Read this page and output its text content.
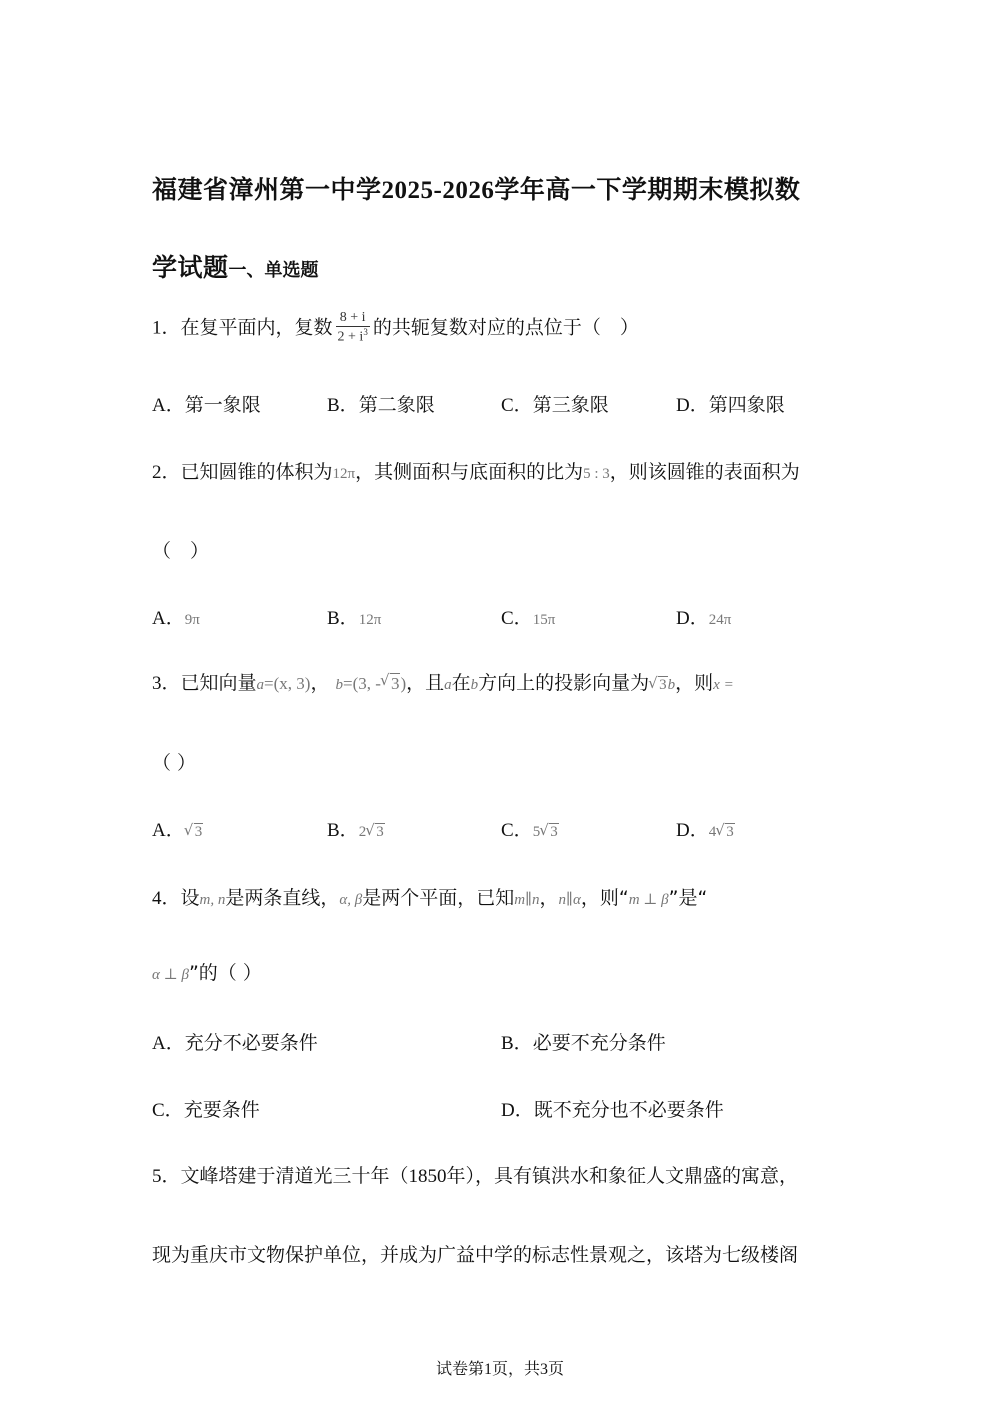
福建省漳州第一中学2025-2026学年高一下学期期末模拟数
学试题一、单选题
1．在复平面内，复数 $\frac{8 + i}{2 + i^3}$ 的共轭复数对应的点位于（　）
A．第一象限	B．第二象限	C．第三象限	D．第四象限
2．已知圆锥的体积为12π，其侧面积与底面积的比为5 : 3，则该圆锥的表面积为
（　）
A．9π	B．12π	C．15π	D．24π
3．已知向量a=(x, 3)， b=(3, - √ 3)，且a在b方向上的投影向量为 √ 3b，则x =
（ ）
A． √ 3	B．2 √ 3	C．5 √ 3	D．4 √ 3
4．设m, n是两条直线，α, β是两个平面，已知m∥n，n∥α，则“m ⊥ β”是“
α ⊥ β”的（ ）
A．充分不必要条件	B．必要不充分条件
C．充要条件	D．既不充分也不必要条件
5．文峰塔建于清道光三十年（1850年），具有镇洪水和象征人文鼎盛的寓意，
现为重庆市文物保护单位，并成为广益中学的标志性景观之，该塔为七级楼阁
试卷第1页，共3页
